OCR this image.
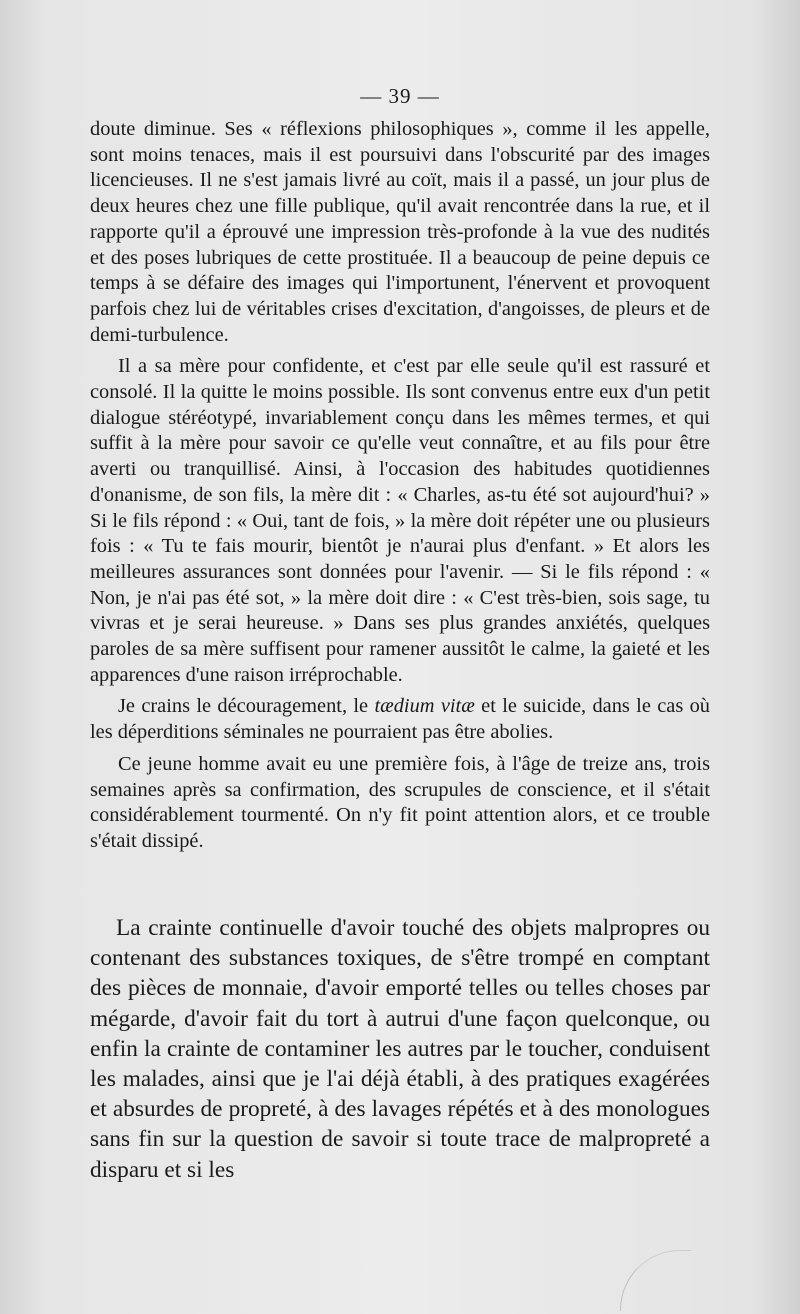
— 39 —

doute diminue. Ses « réflexions philosophiques », comme il les appelle, sont moins tenaces, mais il est poursuivi dans l'obscurité par des images licencieuses. Il ne s'est jamais livré au coït, mais il a passé, un jour plus de deux heures chez une fille publique, qu'il avait rencontrée dans la rue, et il rapporte qu'il a éprouvé une impression très-profonde à la vue des nudités et des poses lubriques de cette prostituée. Il a beaucoup de peine depuis ce temps à se défaire des images qui l'importunent, l'énervent et provoquent parfois chez lui de véritables crises d'excitation, d'angoisses, de pleurs et de demi-turbulence.

Il a sa mère pour confidente, et c'est par elle seule qu'il est rassuré et consolé. Il la quitte le moins possible. Ils sont convenus entre eux d'un petit dialogue stéréotypé, invariablement conçu dans les mêmes termes, et qui suffit à la mère pour savoir ce qu'elle veut connaître, et au fils pour être averti ou tranquillisé. Ainsi, à l'occasion des habitudes quotidiennes d'onanisme, de son fils, la mère dit : « Charles, as-tu été sot aujourd'hui? » Si le fils répond : « Oui, tant de fois, » la mère doit répéter une ou plusieurs fois : « Tu te fais mourir, bientôt je n'aurai plus d'enfant. » Et alors les meilleures assurances sont données pour l'avenir. — Si le fils répond : « Non, je n'ai pas été sot, » la mère doit dire : « C'est très-bien, sois sage, tu vivras et je serai heureuse. » Dans ses plus grandes anxiétés, quelques paroles de sa mère suffisent pour ramener aussitôt le calme, la gaieté et les apparences d'une raison irréprochable.

Je crains le découragement, le tædium vitæ et le suicide, dans le cas où les déperditions séminales ne pourraient pas être abolies.

Ce jeune homme avait eu une première fois, à l'âge de treize ans, trois semaines après sa confirmation, des scrupules de conscience, et il s'était considérablement tourmenté. On n'y fit point attention alors, et ce trouble s'était dissipé.

La crainte continuelle d'avoir touché des objets malpropres ou contenant des substances toxiques, de s'être trompé en comptant des pièces de monnaie, d'avoir emporté telles ou telles choses par mégarde, d'avoir fait du tort à autrui d'une façon quelconque, ou enfin la crainte de contaminer les autres par le toucher, conduisent les malades, ainsi que je l'ai déjà établi, à des pratiques exagérées et absurdes de propreté, à des lavages répétés et à des monologues sans fin sur la question de savoir si toute trace de malpropreté a disparu et si les
